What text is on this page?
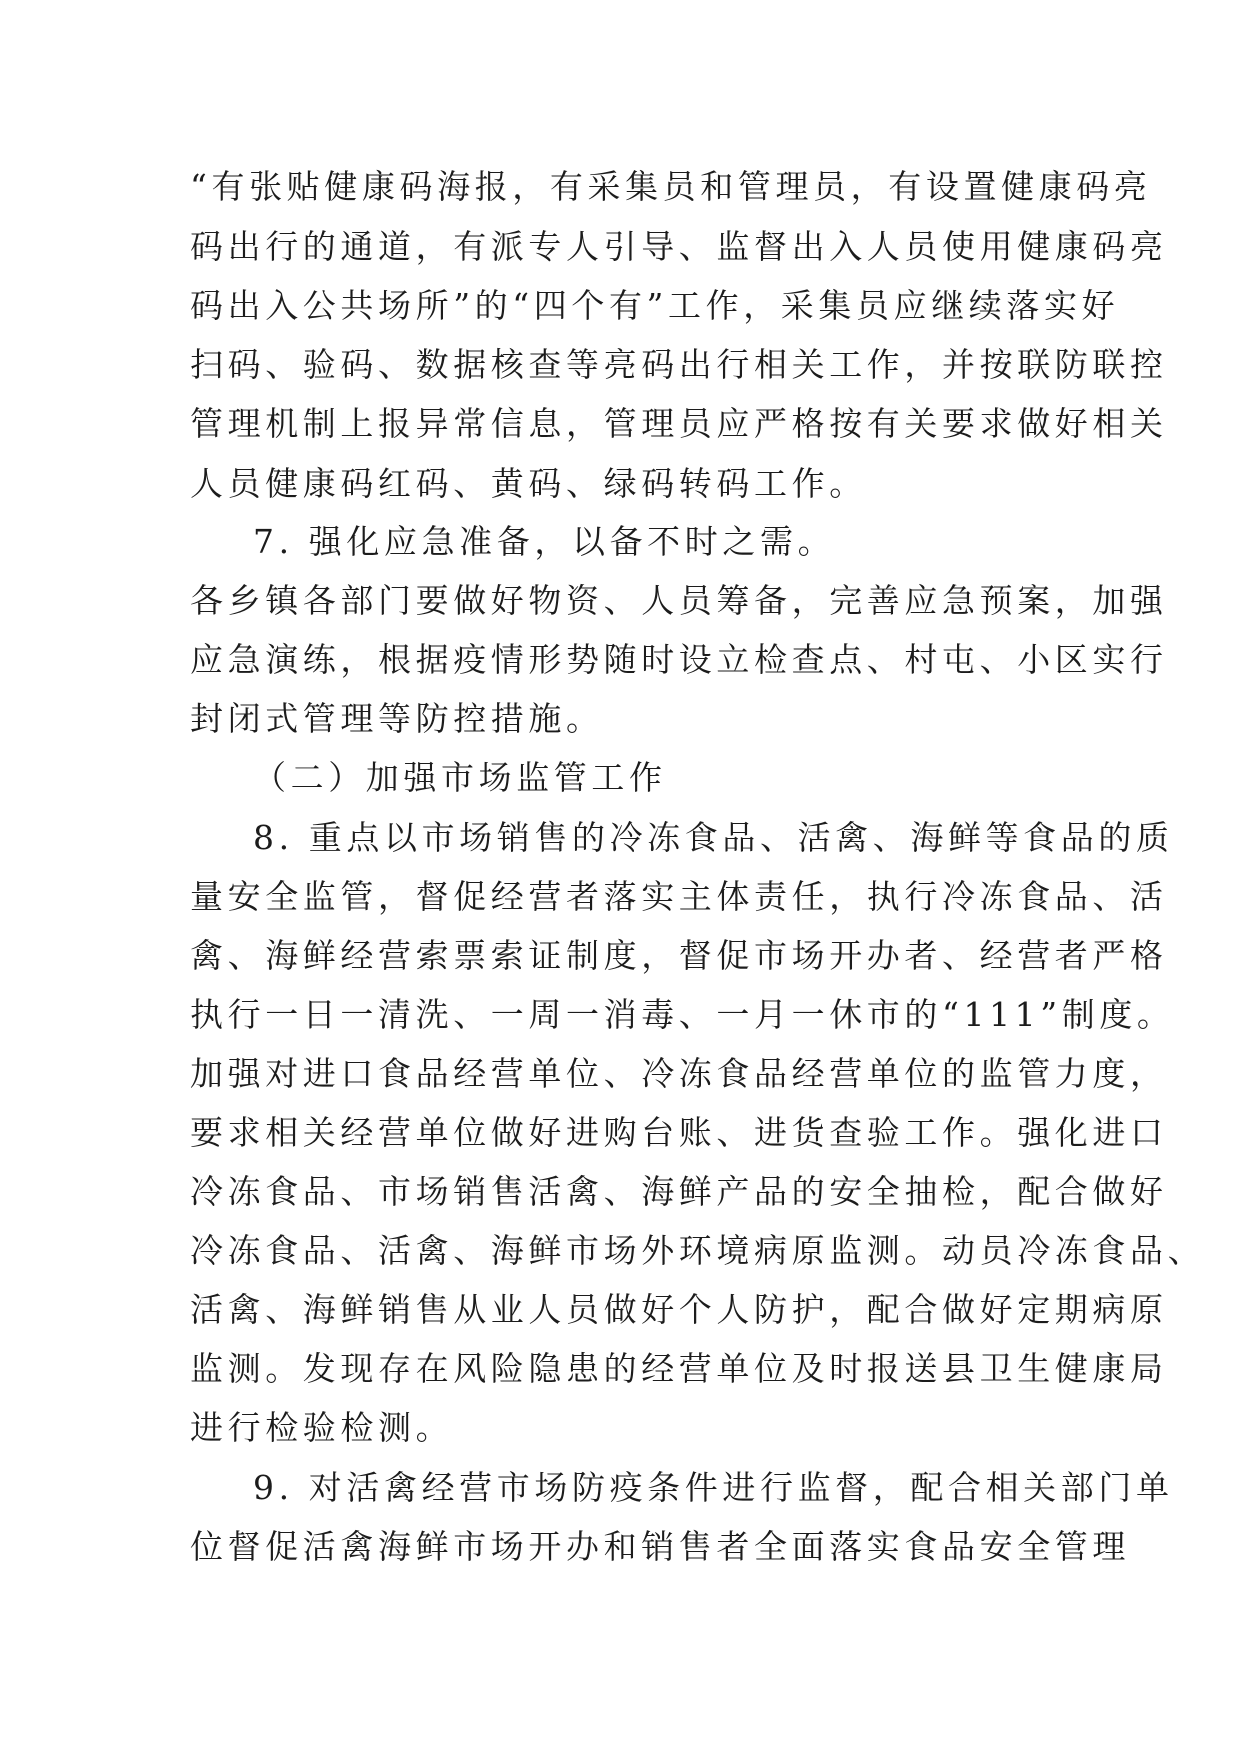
“有张贴健康码海报，有采集员和管理员，有设置健康码亮
码出行的通道，有派专人引导、监督出入人员使用健康码亮
码出入公共场所”的“四个有”工作，采集员应继续落实好
扫码、验码、数据核查等亮码出行相关工作，并按联防联控
管理机制上报异常信息，管理员应严格按有关要求做好相关
人员健康码红码、黄码、绿码转码工作。
7. 强化应急准备，以备不时之需。
各乡镇各部门要做好物资、人员筹备，完善应急预案，加强
应急演练，根据疫情形势随时设立检查点、村屯、小区实行
封闭式管理等防控措施。
（二）加强市场监管工作
8. 重点以市场销售的冷冻食品、活禽、海鲜等食品的质
量安全监管，督促经营者落实主体责任，执行冷冻食品、活
禽、海鲜经营索票索证制度，督促市场开办者、经营者严格
执行一日一清洗、一周一消毒、一月一休市的“111”制度。
加强对进口食品经营单位、冷冻食品经营单位的监管力度，
要求相关经营单位做好进购台账、进货查验工作。强化进口
冷冻食品、市场销售活禽、海鲜产品的安全抽检，配合做好
冷冻食品、活禽、海鲜市场外环境病原监测。动员冷冻食品、
活禽、海鲜销售从业人员做好个人防护，配合做好定期病原
监测。发现存在风险隐患的经营单位及时报送县卫生健康局
进行检验检测。
9. 对活禽经营市场防疫条件进行监督，配合相关部门单
位督促活禽海鲜市场开办和销售者全面落实食品安全管理
